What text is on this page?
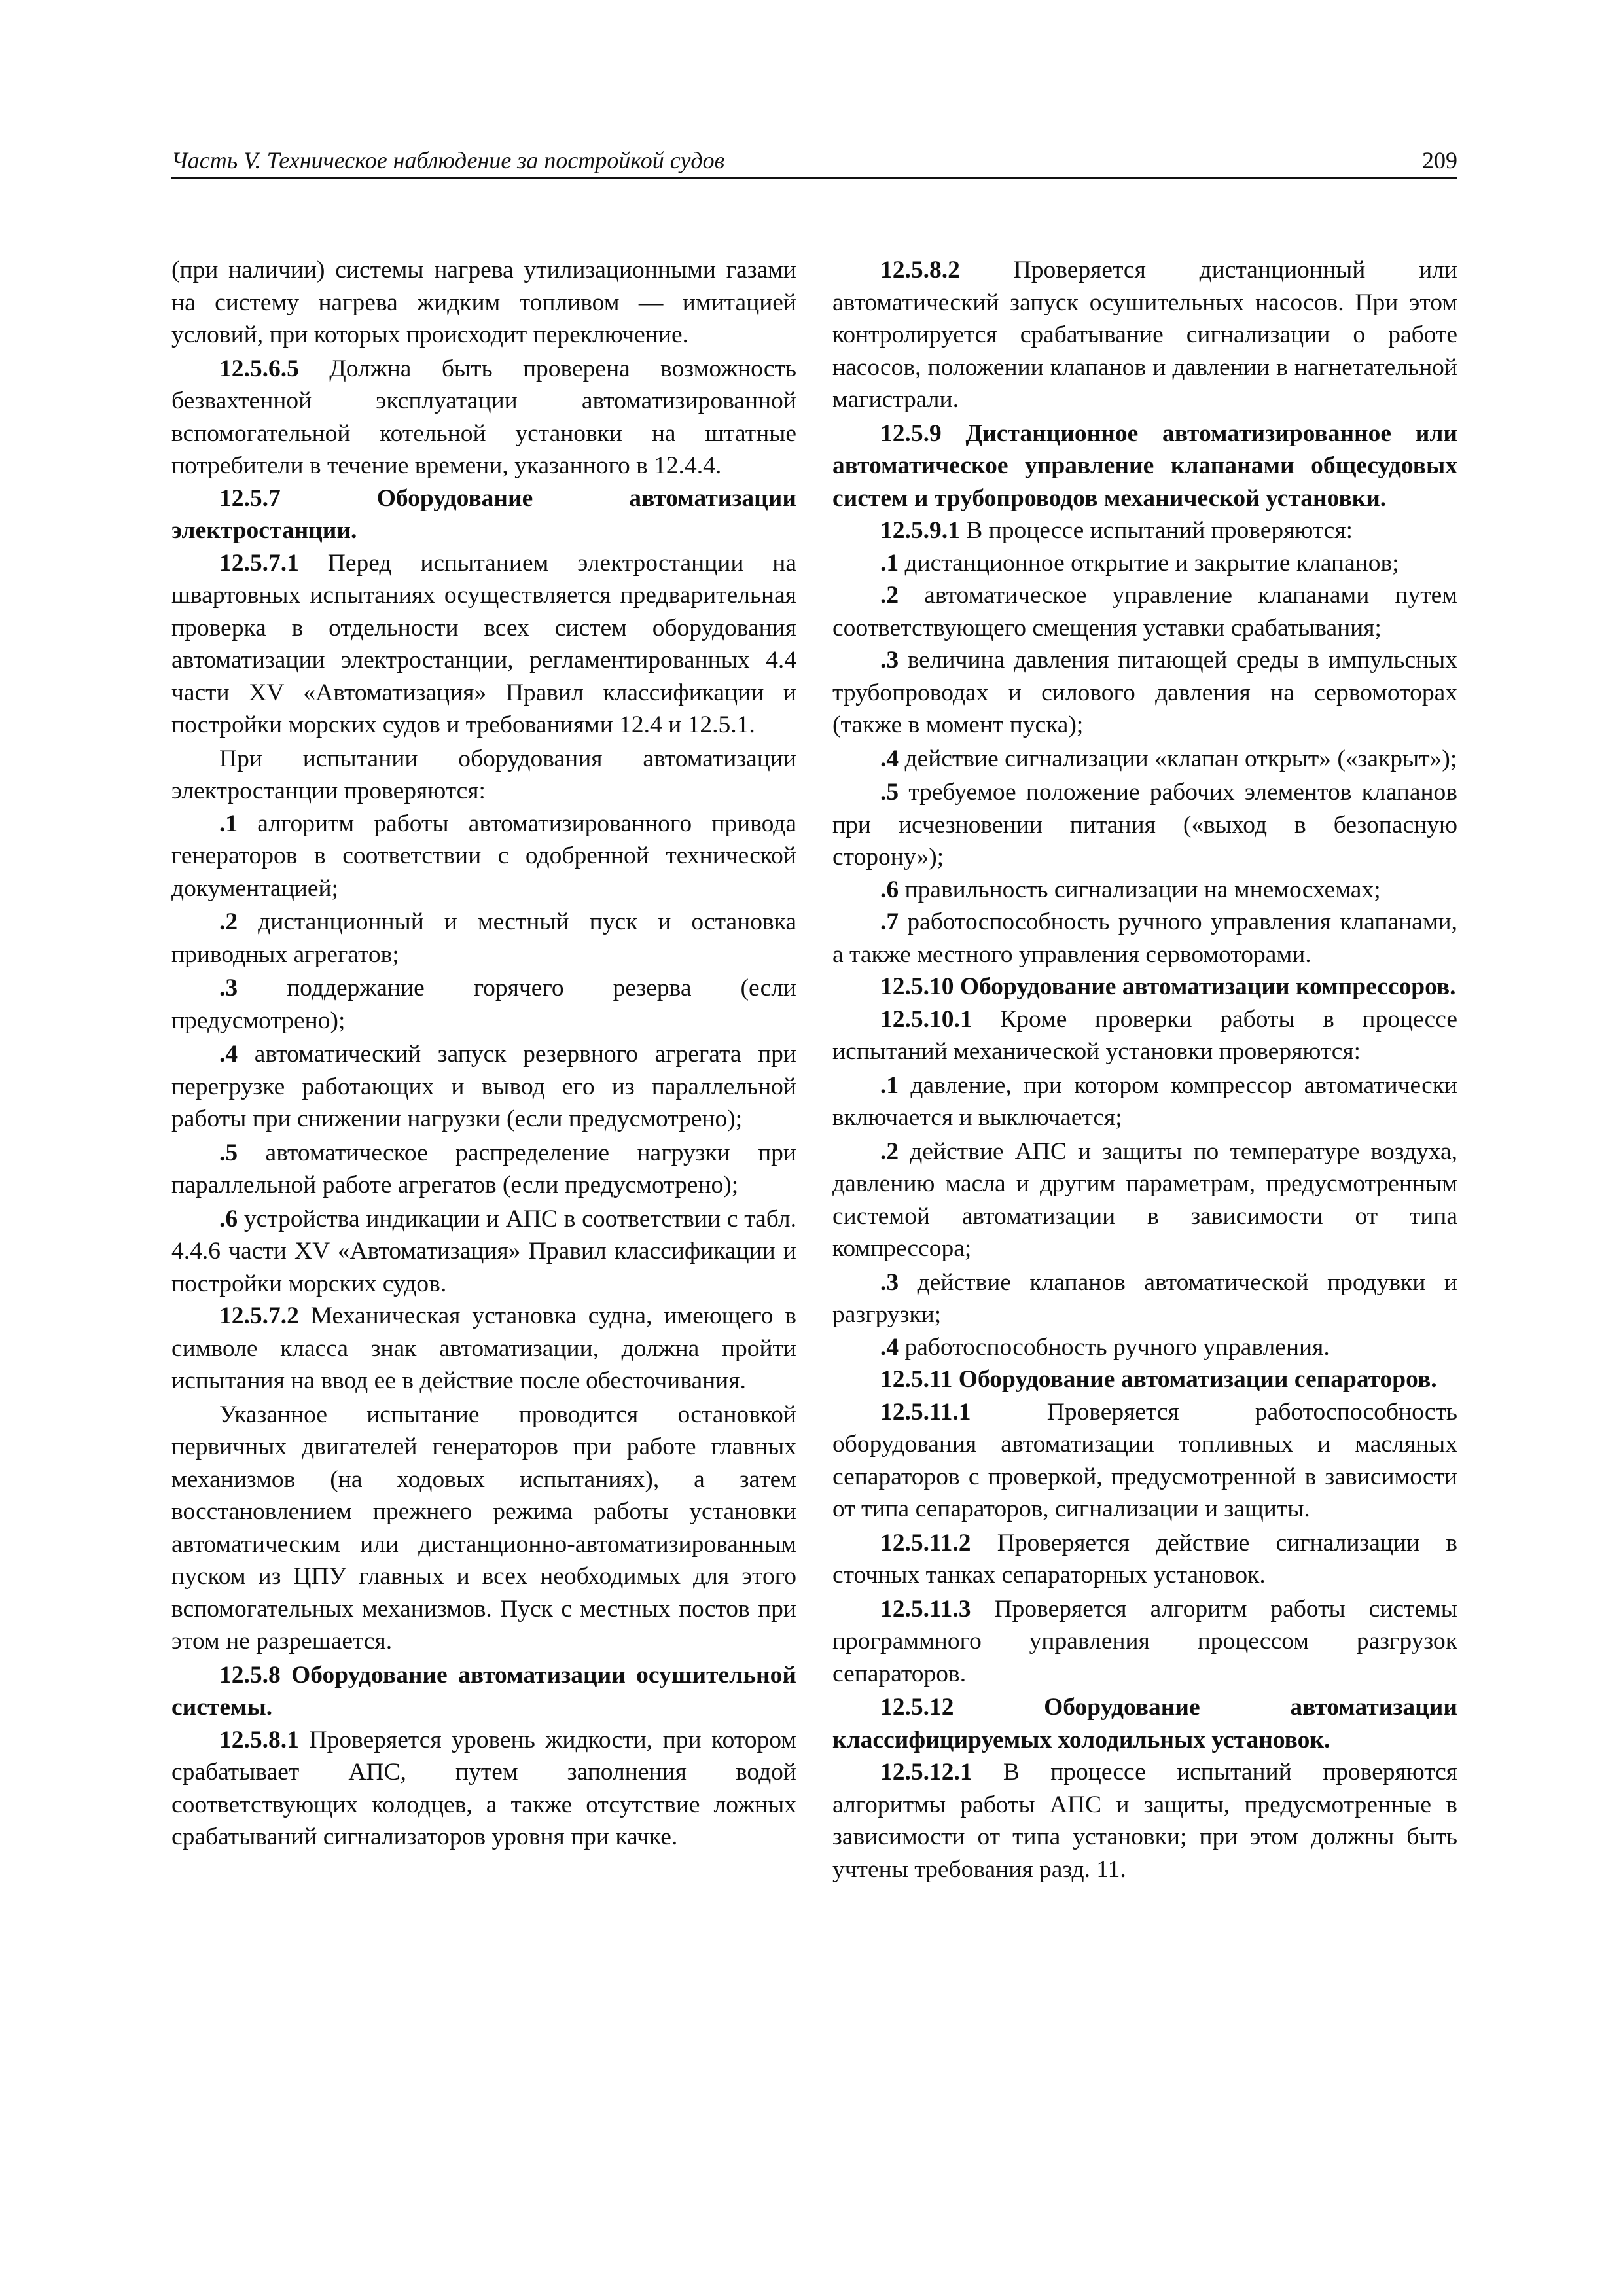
Часть V. Техническое наблюдение за постройкой судов	209

(при наличии) системы нагрева утилизационными газами на систему нагрева жидким топливом — имитацией условий, при которых происходит переключение.

12.5.6.5 Должна быть проверена возможность безвахтенной эксплуатации автоматизированной вспомогательной котельной установки на штатные потребители в течение времени, указанного в 12.4.4.

12.5.7 Оборудование автоматизации электростанции.

12.5.7.1 Перед испытанием электростанции на швартовных испытаниях осуществляется предварительная проверка в отдельности всех систем оборудования автоматизации электростанции, регламентированных 4.4 части XV «Автоматизация» Правил классификации и постройки морских судов и требованиями 12.4 и 12.5.1.

При испытании оборудования автоматизации электростанции проверяются:

.1 алгоритм работы автоматизированного привода генераторов в соответствии с одобренной технической документацией;

.2 дистанционный и местный пуск и остановка приводных агрегатов;

.3 поддержание горячего резерва (если предусмотрено);

.4 автоматический запуск резервного агрегата при перегрузке работающих и вывод его из параллельной работы при снижении нагрузки (если предусмотрено);

.5 автоматическое распределение нагрузки при параллельной работе агрегатов (если предусмотрено);

.6 устройства индикации и АПС в соответствии с табл. 4.4.6 части XV «Автоматизация» Правил классификации и постройки морских судов.

12.5.7.2 Механическая установка судна, имеющего в символе класса знак автоматизации, должна пройти испытания на ввод ее в действие после обесточивания.

Указанное испытание проводится остановкой первичных двигателей генераторов при работе главных механизмов (на ходовых испытаниях), а затем восстановлением прежнего режима работы установки автоматическим или дистанционно-автоматизированным пуском из ЦПУ главных и всех необходимых для этого вспомогательных механизмов. Пуск с местных постов при этом не разрешается.

12.5.8 Оборудование автоматизации осушительной системы.

12.5.8.1 Проверяется уровень жидкости, при котором срабатывает АПС, путем заполнения водой соответствующих колодцев, а также отсутствие ложных срабатываний сигнализаторов уровня при качке.

12.5.8.2 Проверяется дистанционный или автоматический запуск осушительных насосов. При этом контролируется срабатывание сигнализации о работе насосов, положении клапанов и давлении в нагнетательной магистрали.

12.5.9 Дистанционное автоматизированное или автоматическое управление клапанами общесудовых систем и трубопроводов механической установки.

12.5.9.1 В процессе испытаний проверяются:

.1 дистанционное открытие и закрытие клапанов;

.2 автоматическое управление клапанами путем соответствующего смещения уставки срабатывания;

.3 величина давления питающей среды в импульсных трубопроводах и силового давления на сервомоторах (также в момент пуска);

.4 действие сигнализации «клапан открыт» («закрыт»);

.5 требуемое положение рабочих элементов клапанов при исчезновении питания («выход в безопасную сторону»);

.6 правильность сигнализации на мнемосхемах;

.7 работоспособность ручного управления клапанами, а также местного управления сервомоторами.

12.5.10 Оборудование автоматизации компрессоров.

12.5.10.1 Кроме проверки работы в процессе испытаний механической установки проверяются:

.1 давление, при котором компрессор автоматически включается и выключается;

.2 действие АПС и защиты по температуре воздуха, давлению масла и другим параметрам, предусмотренным системой автоматизации в зависимости от типа компрессора;

.3 действие клапанов автоматической продувки и разгрузки;

.4 работоспособность ручного управления.

12.5.11 Оборудование автоматизации сепараторов.

12.5.11.1 Проверяется работоспособность оборудования автоматизации топливных и масляных сепараторов с проверкой, предусмотренной в зависимости от типа сепараторов, сигнализации и защиты.

12.5.11.2 Проверяется действие сигнализации в сточных танках сепараторных установок.

12.5.11.3 Проверяется алгоритм работы системы программного управления процессом разгрузок сепараторов.

12.5.12 Оборудование автоматизации классифицируемых холодильных установок.

12.5.12.1 В процессе испытаний проверяются алгоритмы работы АПС и защиты, предусмотренные в зависимости от типа установки; при этом должны быть учтены требования разд. 11.
